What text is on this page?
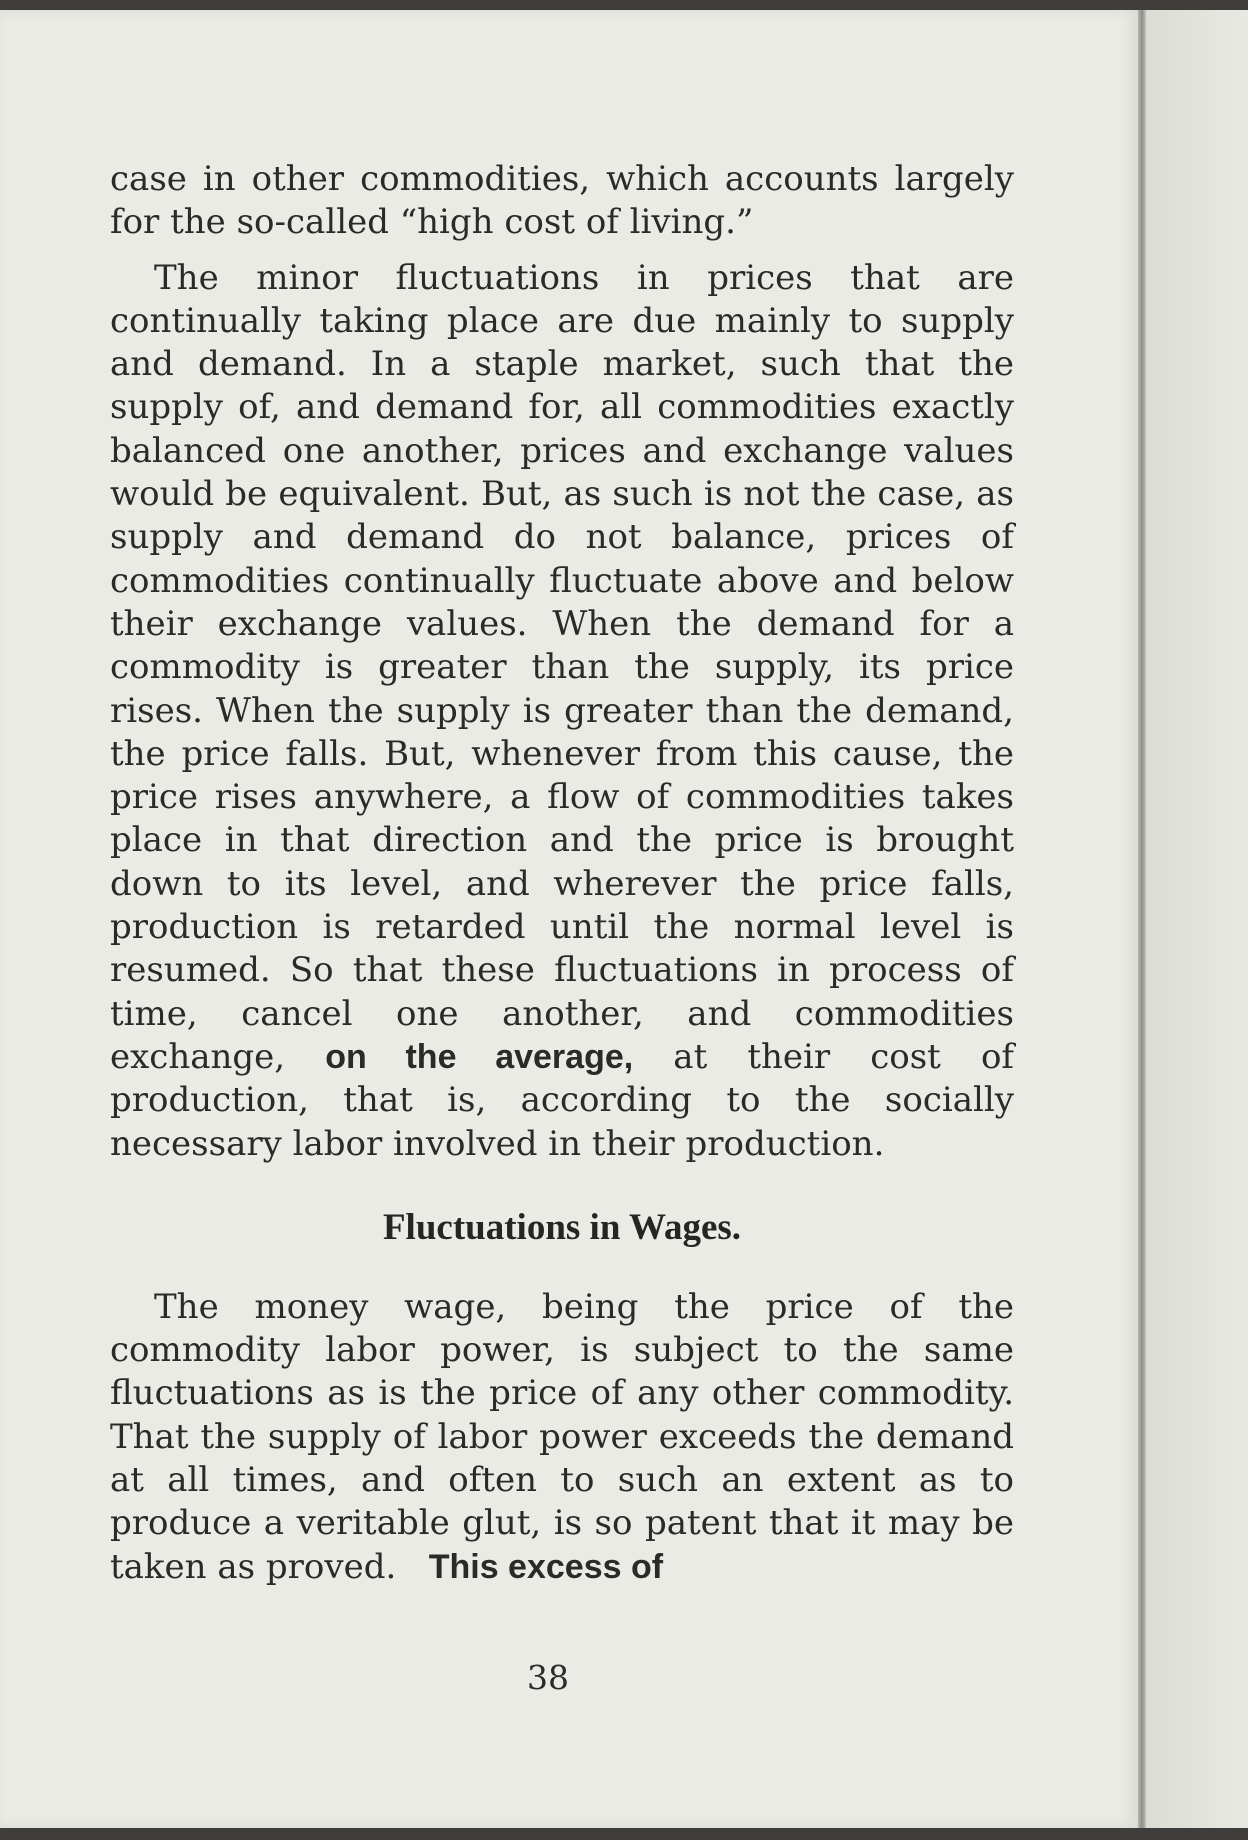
case in other commodities, which accounts largely for the so-called “high cost of living.”

The minor fluctuations in prices that are continually taking place are due mainly to supply and demand. In a staple market, such that the supply of, and demand for, all commodities exactly balanced one another, prices and exchange values would be equivalent. But, as such is not the case, as supply and demand do not balance, prices of commodities continually fluctuate above and below their exchange values. When the demand for a commodity is greater than the supply, its price rises. When the supply is greater than the demand, the price falls. But, whenever from this cause, the price rises anywhere, a flow of commodities takes place in that direction and the price is brought down to its level, and wherever the price falls, production is retarded until the normal level is resumed. So that these fluctuations in process of time, cancel one another, and commodities exchange, on the average, at their cost of production, that is, according to the socially necessary labor involved in their production.

Fluctuations in Wages.

The money wage, being the price of the commodity labor power, is subject to the same fluctuations as is the price of any other commodity. That the supply of labor power exceeds the demand at all times, and often to such an extent as to produce a veritable glut, is so patent that it may be taken as proved. This excess of

38
